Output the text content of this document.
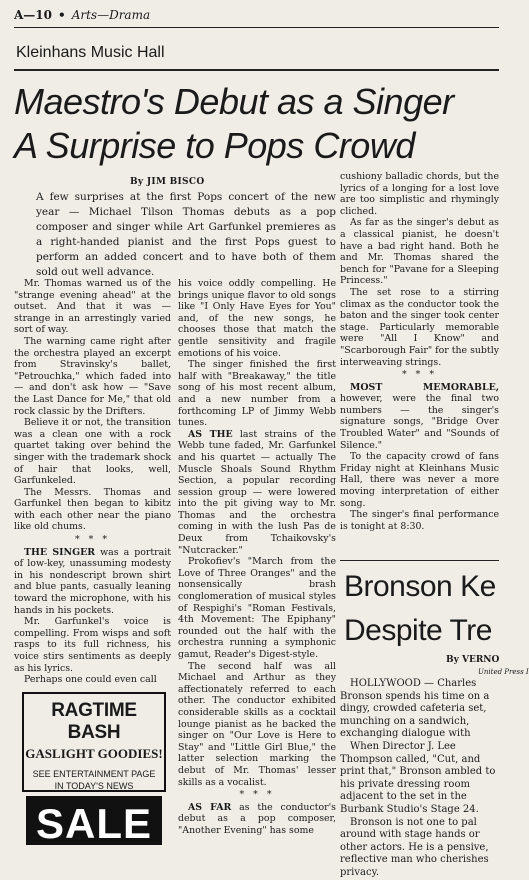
A—10 • Arts—Drama
Kleinhans Music Hall
Maestro's Debut as a Singer
A Surprise to Pops Crowd
By JIM BISCO
A few surprises at the first Pops concert of the new year — Michael Tilson Thomas debuts as a pop composer and singer while Art Garfunkel premieres as a right-handed pianist and the first Pops guest to perform an added concert and to have both of them sold out well advance.

Mr. Thomas warned us of the "strange evening ahead" at the outset. And that it was — strange in an arrestingly varied sort of way.

The warning came right after the orchestra played an excerpt from Stravinsky's ballet, "Petrouchka," which faded into — and don't ask how — "Save the Last Dance for Me," that old rock classic by the Drifters.

Believe it or not, the transition was a clean one with a rock quartet taking over behind the singer with the trademark shock of hair that looks, well, Garfunkeled.

The Messrs. Thomas and Garfunkel then began to kibitz with each other near the piano like old chums.

* * *

THE SINGER was a portrait of low-key, unassuming modesty in his nondescript brown shirt and blue pants, casually leaning toward the microphone, with his hands in his pockets.

Mr. Garfunkel's voice is compelling. From wisps and soft rasps to its full richness, his voice stirs sentiments as deeply as his lyrics.

Perhaps one could even call

his voice oddly compelling. He brings unique flavor to old songs like "I Only Have Eyes for You" and, of the new songs, he chooses those that match the gentle sensitivity and fragile emotions of his voice.

The singer finished the first half with "Breakaway," the title song of his most recent album, and a new number from a forthcoming LP of Jimmy Webb tunes.

AS THE last strains of the Webb tune faded, Mr. Garfunkel and his quartet — actually The Muscle Shoals Sound Rhythm Section, a popular recording session group — were lowered into the pit giving way to Mr. Thomas and the orchestra coming in with the lush Pas de Deux from Tchaikovsky's "Nutcracker."

Prokofiev's "March from the Love of Three Oranges" and the nonsensically brash conglomeration of musical styles of Respighi's "Roman Festivals, 4th Movement: The Epiphany" rounded out the half with the orchestra running a symphonic gamut, Reader's Digest-style.

The second half was all Michael and Arthur as they affectionately referred to each other. The conductor exhibited considerable skills as a cocktail lounge pianist as he backed the singer on "Our Love is Here to Stay" and "Little Girl Blue," the latter selection marking the debut of Mr. Thomas' lesser skills as a vocalist.

* * *

AS FAR as the conductor's debut as a pop composer, "Another Evening" has some

cushiony balladic chords, but the lyrics of a longing for a lost love are too simplistic and rhymingly cliched.

As far as the singer's debut as a classical pianist, he doesn't have a bad right hand. Both he and Mr. Thomas shared the bench for "Pavane for a Sleeping Princess."

The set rose to a stirring climax as the conductor took the baton and the singer took center stage. Particularly memorable were "All I Know" and "Scarborough Fair" for the subtly interweaving strings.

* * *

MOST MEMORABLE, however, were the final two numbers — the singer's signature songs, "Bridge Over Troubled Water" and "Sounds of Silence."

To the capacity crowd of fans Friday night at Kleinhans Music Hall, there was never a more moving interpretation of either song.

The singer's final performance is tonight at 8:30.

Bronson Ke
Despite Tre
By VERNO
United Press I

HOLLYWOOD — Charles Bronson spends his time on a dingy, crowded cafeteria set, munching on a sandwich, exchanging dialogue with

When Director J. Lee Thompson called, "Cut, and print that," Bronson ambled to his private dressing room adjacent to the set in the Burbank Studio's Stage 24.

Bronson is not one to pal around with stage hands or other actors. He is a pensive, reflective man who cherishes privacy.

RAGTIME BASH
GASLIGHT GOODIES!
SEE ENTERTAINMENT PAGE
IN TODAY'S NEWS
SALE
